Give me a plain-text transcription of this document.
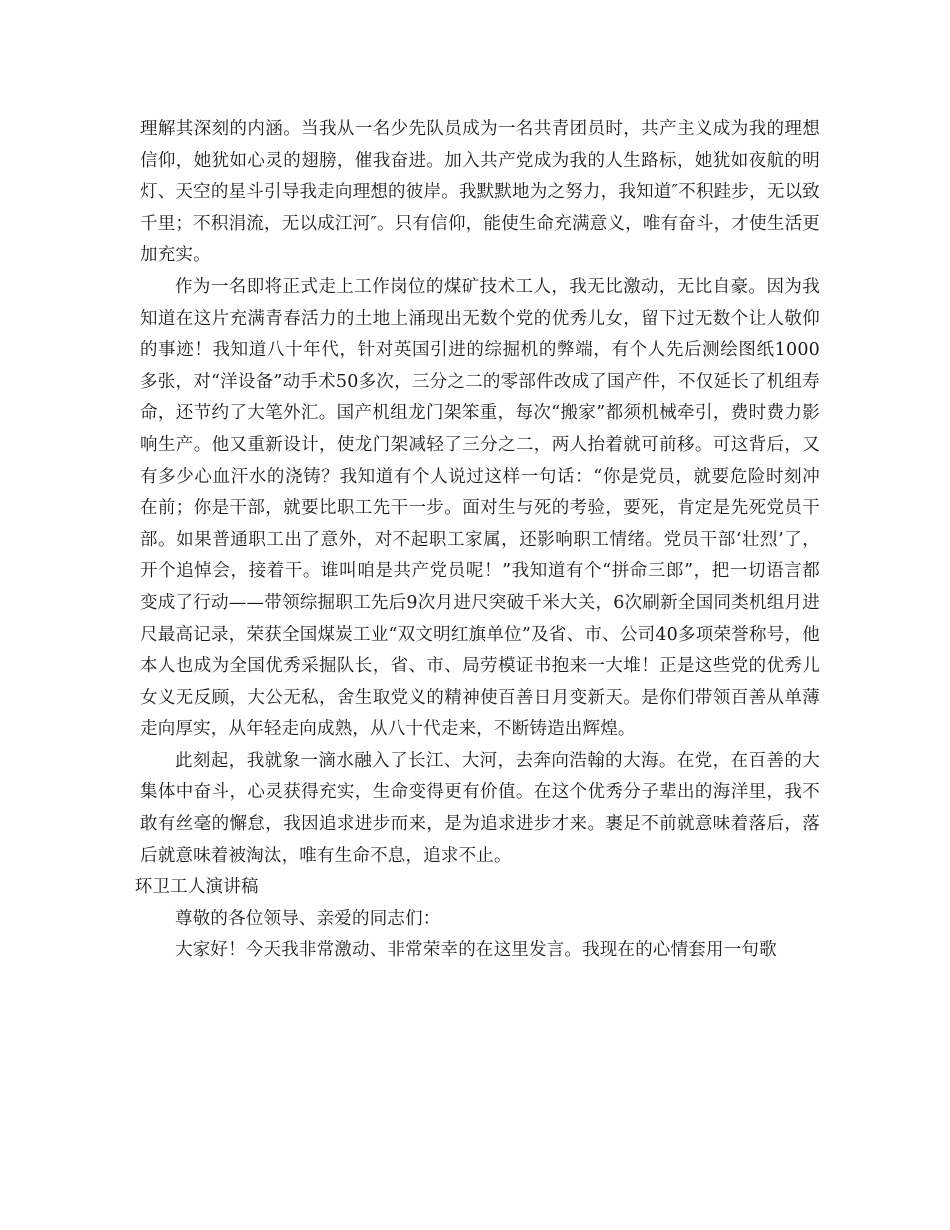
理解其深刻的内涵。当我从一名少先队员成为一名共青团员时，共产主义成为我的理想信仰，她犹如心灵的翅膀，催我奋进。加入共产党成为我的人生路标，她犹如夜航的明灯、天空的星斗引导我走向理想的彼岸。我默默地为之努力，我知道″不积跬步，无以致千里；不积涓流，无以成江河″。只有信仰，能使生命充满意义，唯有奋斗，才使生活更加充实。

作为一名即将正式走上工作岗位的煤矿技术工人，我无比激动，无比自豪。因为我知道在这片充满青春活力的土地上涌现出无数个党的优秀儿女，留下过无数个让人敬仰的事迹！我知道八十年代，针对英国引进的综掘机的弊端，有个人先后测绘图纸1000多张，对“洋设备”动手术50多次，三分之二的零部件改成了国产件，不仅延长了机组寿命，还节约了大笔外汇。国产机组龙门架笨重，每次“搬家”都须机械牵引，费时费力影响生产。他又重新设计，使龙门架减轻了三分之二，两人抬着就可前移。可这背后，又有多少心血汗水的浇铸？我知道有个人说过这样一句话：“你是党员，就要危险时刻冲在前；你是干部，就要比职工先干一步。面对生与死的考验，要死，肯定是先死党员干部。如果普通职工出了意外，对不起职工家属，还影响职工情绪。党员干部‘壮烈’了，开个追悼会，接着干。谁叫咱是共产党员呢！”我知道有个“拼命三郎”，把一切语言都变成了行动——带领综掘职工先后9次月进尺突破千米大关，6次刷新全国同类机组月进尺最高记录，荣获全国煤炭工业“双文明红旗单位”及省、市、公司40多项荣誉称号，他本人也成为全国优秀采掘队长，省、市、局劳模证书抱来一大堆！正是这些党的优秀儿女义无反顾，大公无私，舍生取党义的精神使百善日月变新天。是你们带领百善从单薄走向厚实，从年轻走向成熟，从八十代走来，不断铸造出辉煌。

此刻起，我就象一滴水融入了长江、大河，去奔向浩翰的大海。在党，在百善的大集体中奋斗，心灵获得充实，生命变得更有价值。在这个优秀分子辈出的海洋里，我不敢有丝毫的懈怠，我因追求进步而来，是为追求进步才来。裹足不前就意味着落后，落后就意味着被淘汰，唯有生命不息，追求不止。

环卫工人演讲稿

尊敬的各位领导、亲爱的同志们：

大家好！今天我非常激动、非常荣幸的在这里发言。我现在的心情套用一句歌
